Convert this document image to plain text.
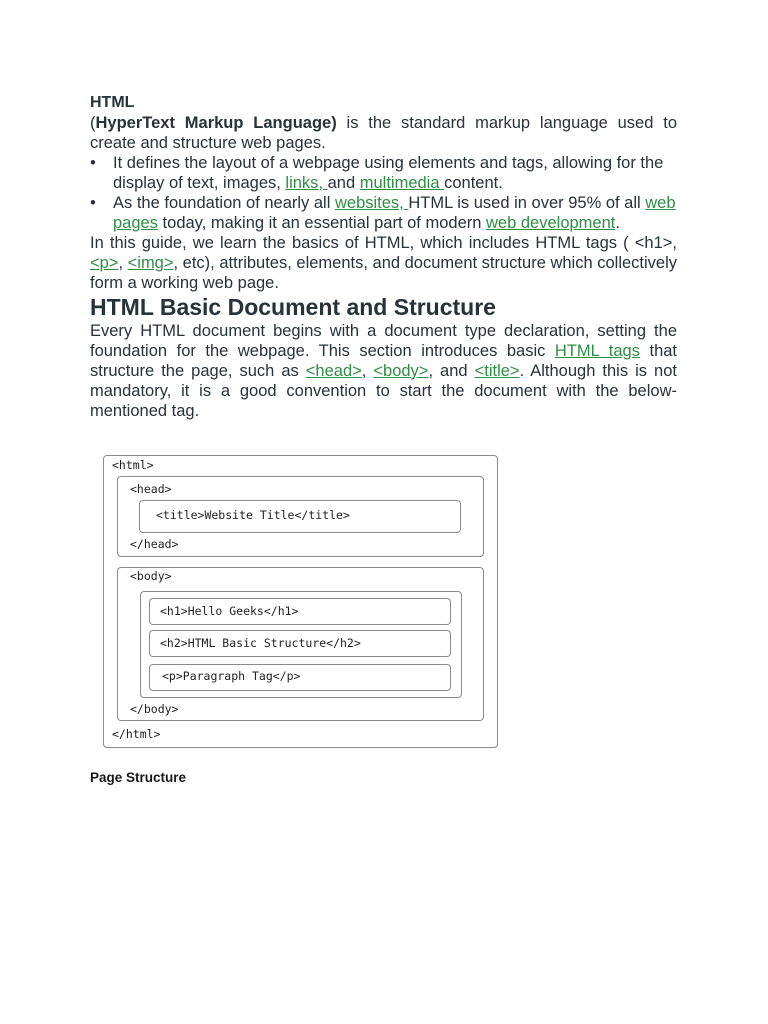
HTML

(HyperText Markup Language) is the standard markup language used to create and structure web pages.

• It defines the layout of a webpage using elements and tags, allowing for the display of text, images, links, and multimedia content.
• As the foundation of nearly all websites, HTML is used in over 95% of all web pages today, making it an essential part of modern web development.

In this guide, we learn the basics of HTML, which includes HTML tags ( <h1>, <p>, <img>, etc), attributes, elements, and document structure which collectively form a working web page.

HTML Basic Document and Structure

Every HTML document begins with a document type declaration, setting the foundation for the webpage. This section introduces basic HTML tags that structure the page, such as <head>, <body>, and <title>. Although this is not mandatory, it is a good convention to start the document with the below-mentioned tag.

<html>
<head>
<title>Website Title</title>
</head>
<body>
<h1>Hello Geeks</h1>
<h2>HTML Basic Structure</h2>
<p>Paragraph Tag</p>
</body>
</html>
Page Structure
